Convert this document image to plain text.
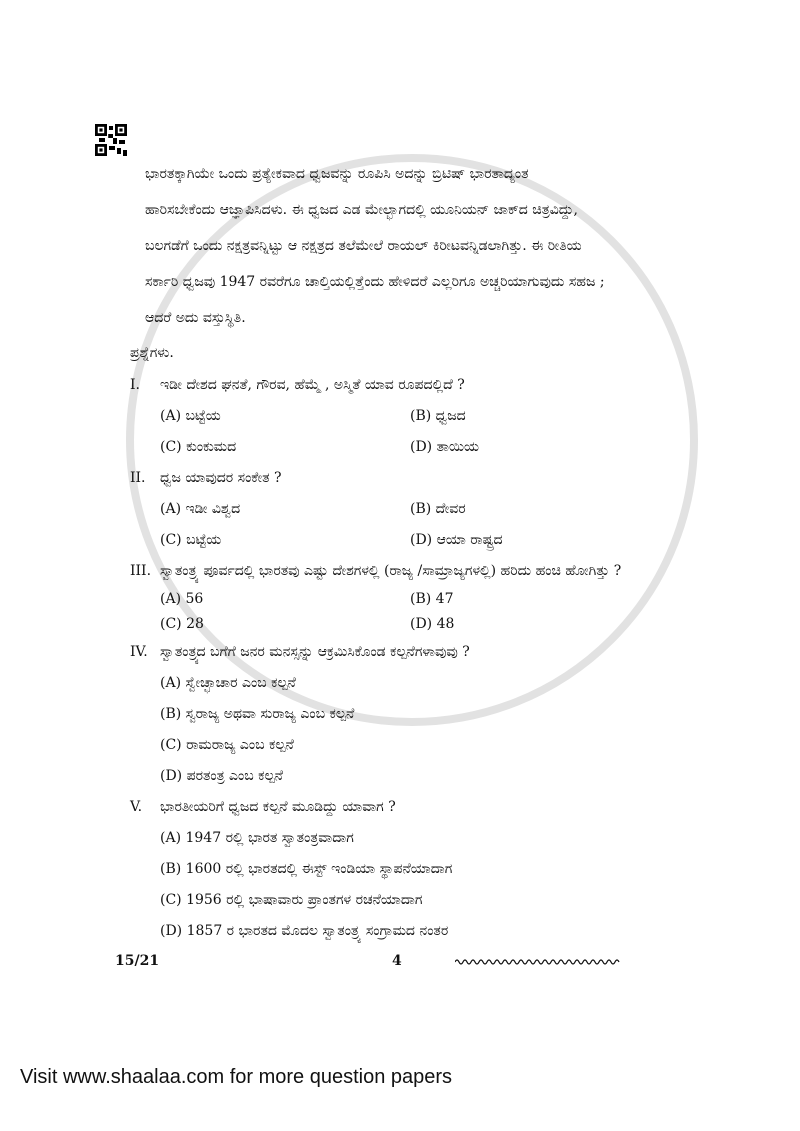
ಭಾರತಕ್ಕಾಗಿಯೇ ಒಂದು ಪ್ರತ್ಯೇಕವಾದ ಧ್ವಜವನ್ನು ರೂಪಿಸಿ ಅದನ್ನು ಬ್ರಿಟಿಷ್ ಭಾರತಾದ್ಯಂತ
ಹಾರಿಸಬೇಕೆಂದು ಆಜ್ಞಾಪಿಸಿದಳು. ಈ ಧ್ವಜದ ಎಡ ಮೇಲ್ಭಾಗದಲ್ಲಿ ಯೂನಿಯನ್ ಜಾಕ್‌ದ ಚಿತ್ರವಿದ್ದು,
ಬಲಗಡೆಗೆ ಒಂದು ನಕ್ಷತ್ರವನ್ನಿಟ್ಟು ಆ ನಕ್ಷತ್ರದ ತಲೆಮೇಲೆ ರಾಯಲ್ ಕಿರೀಟವನ್ನಿಡಲಾಗಿತ್ತು. ಈ ರೀತಿಯ
ಸರ್ಕಾರಿ ಧ್ವಜವು 1947 ರವರೆಗೂ ಚಾಲ್ತಿಯಲ್ಲಿತ್ತೆಂದು ಹೇಳಿದರೆ ಎಲ್ಲರಿಗೂ ಅಚ್ಚರಿಯಾಗುವುದು ಸಹಜ ;
ಆದರೆ ಅದು ವಸ್ತುಸ್ಥಿತಿ.
ಪ್ರಶ್ನೆಗಳು.
I.	ಇಡೀ ದೇಶದ ಘನತೆ, ಗೌರವ, ಹೆಮ್ಮೆ , ಅಸ್ಮಿತೆ ಯಾವ ರೂಪದಲ್ಲಿದೆ ?
(A) ಬಟ್ಟೆಯ	(B) ಧ್ವಜದ
(C) ಕುಂಕುಮದ	(D) ತಾಯಿಯ
II.	ಧ್ವಜ ಯಾವುದರ ಸಂಕೇತ ?
(A) ಇಡೀ ವಿಶ್ವದ	(B) ದೇವರ
(C) ಬಟ್ಟೆಯ	(D) ಆಯಾ ರಾಷ್ಟ್ರದ
III. ಸ್ವಾತಂತ್ರ್ಯ ಪೂರ್ವದಲ್ಲಿ ಭಾರತವು ಎಷ್ಟು ದೇಶಗಳಲ್ಲಿ (ರಾಜ್ಯ /ಸಾಮ್ರಾಜ್ಯಗಳಲ್ಲಿ) ಹರಿದು ಹಂಚಿ ಹೋಗಿತ್ತು ?
(A) 56	(B) 47
(C) 28	(D) 48
IV. ಸ್ವಾತಂತ್ರ್ಯದ ಬಗೆಗೆ ಜನರ ಮನಸ್ಸನ್ನು ಆಕ್ರಮಿಸಿಕೊಂಡ ಕಲ್ಪನೆಗಳಾವುವು ?
(A) ಸ್ವೇಚ್ಛಾಚಾರ ಎಂಬ ಕಲ್ಪನೆ
(B) ಸ್ವರಾಜ್ಯ ಅಥವಾ ಸುರಾಜ್ಯ ಎಂಬ ಕಲ್ಪನೆ
(C) ರಾಮರಾಜ್ಯ ಎಂಬ ಕಲ್ಪನೆ
(D) ಪರತಂತ್ರ ಎಂಬ ಕಲ್ಪನೆ
V.	ಭಾರತೀಯರಿಗೆ ಧ್ವಜದ ಕಲ್ಪನೆ ಮೂಡಿದ್ದು ಯಾವಾಗ ?
(A) 1947 ರಲ್ಲಿ ಭಾರತ ಸ್ವಾತಂತ್ರವಾದಾಗ
(B) 1600 ರಲ್ಲಿ ಭಾರತದಲ್ಲಿ ಈಸ್ಟ್ ಇಂಡಿಯಾ ಸ್ಥಾಪನೆಯಾದಾಗ
(C) 1956 ರಲ್ಲಿ ಭಾಷಾವಾರು ಪ್ರಾಂತಗಳ ರಚನೆಯಾದಾಗ
(D) 1857 ರ ಭಾರತದ ಮೊದಲ ಸ್ವಾತಂತ್ರ್ಯ ಸಂಗ್ರಾಮದ ನಂತರ
15/21	4
Visit www.shaalaa.com for more question papers
